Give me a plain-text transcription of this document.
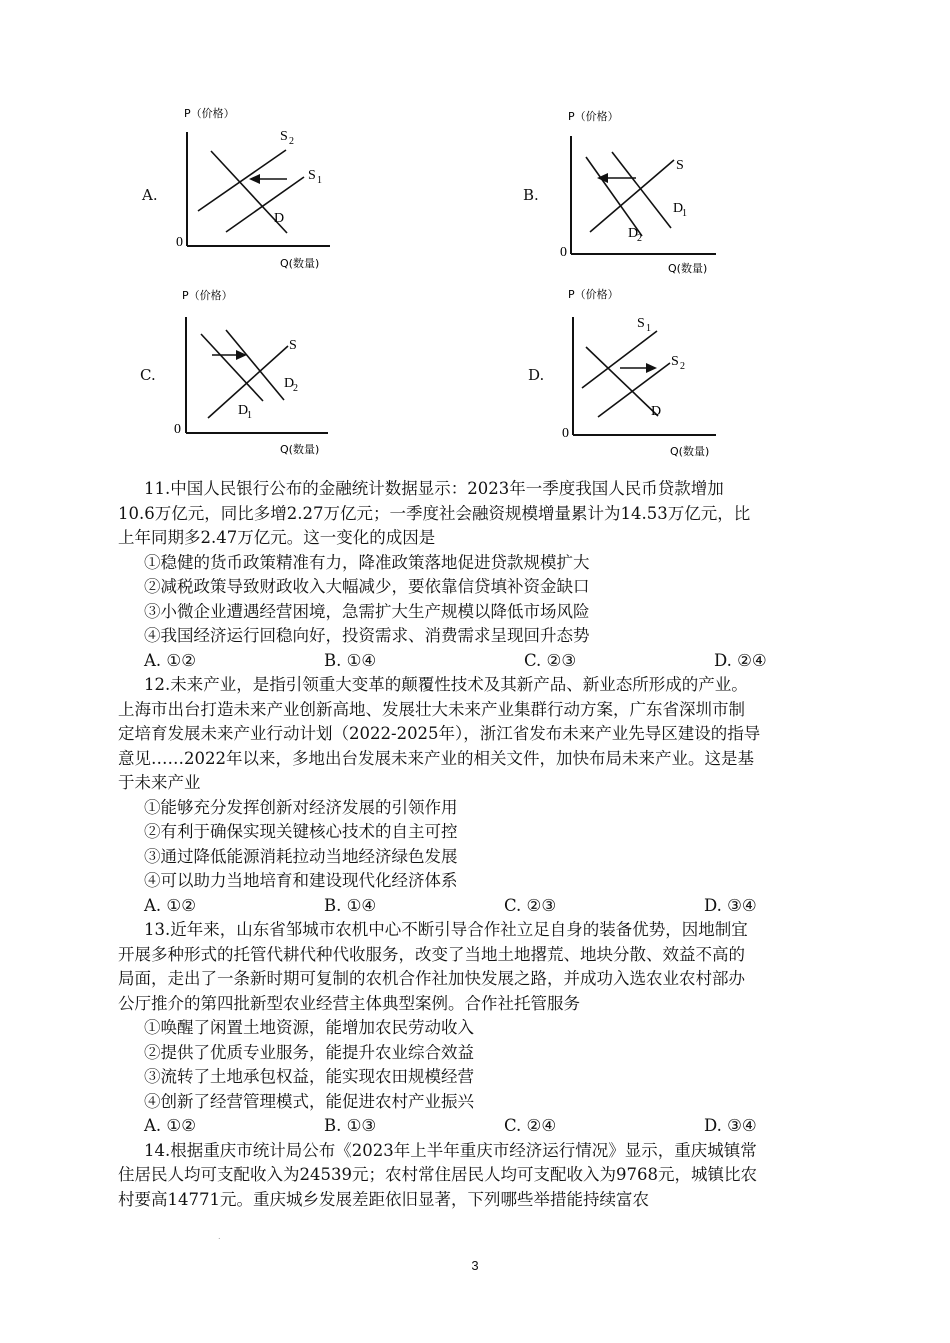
A.
P（价格）
0
Q(数量)
S 2
S 1
D
B.
P（价格）
0
Q(数量)
S
D
1
D
2
C.
P（价格）
0
Q(数量)
S
D
2
D
1
D.
P（价格）
0
Q(数量)
S 1
S 2
D
11.中国人民银行公布的金融统计数据显示：2023年一季度我国人民币贷款增加
10.6万亿元，同比多增2.27万亿元；一季度社会融资规模增量累计为14.53万亿元，比
上年同期多2.47万亿元。这一变化的成因是
①稳健的货币政策精准有力，降准政策落地促进贷款规模扩大
②减税政策导致财政收入大幅减少，要依靠信贷填补资金缺口
③小微企业遭遇经营困境，急需扩大生产规模以降低市场风险
④我国经济运行回稳向好，投资需求、消费需求呈现回升态势
A. ①②	B. ①④	C. ②③	D. ②④
12.未来产业，是指引领重大变革的颠覆性技术及其新产品、新业态所形成的产业。
上海市出台打造未来产业创新高地、发展壮大未来产业集群行动方案，广东省深圳市制
定培育发展未来产业行动计划（2022-2025年），浙江省发布未来产业先导区建设的指导
意见……2022年以来，多地出台发展未来产业的相关文件，加快布局未来产业。这是基
于未来产业
①能够充分发挥创新对经济发展的引领作用
②有利于确保实现关键核心技术的自主可控
③通过降低能源消耗拉动当地经济绿色发展
④可以助力当地培育和建设现代化经济体系
A. ①②	B. ①④	C. ②③	D. ③④
13.近年来，山东省邹城市农机中心不断引导合作社立足自身的装备优势，因地制宜
开展多种形式的托管代耕代种代收服务，改变了当地土地撂荒、地块分散、效益不高的
局面，走出了一条新时期可复制的农机合作社加快发展之路，并成功入选农业农村部办
公厅推介的第四批新型农业经营主体典型案例。合作社托管服务
①唤醒了闲置土地资源，能增加农民劳动收入
②提供了优质专业服务，能提升农业综合效益
③流转了土地承包权益，能实现农田规模经营
④创新了经营管理模式，能促进农村产业振兴
A. ①②	B. ①③	C. ②④	D. ③④
14.根据重庆市统计局公布《2023年上半年重庆市经济运行情况》显示，重庆城镇常
住居民人均可支配收入为24539元；农村常住居民人均可支配收入为9768元，城镇比农
村要高14771元。重庆城乡发展差距依旧显著，下列哪些举措能持续富农
.
3
